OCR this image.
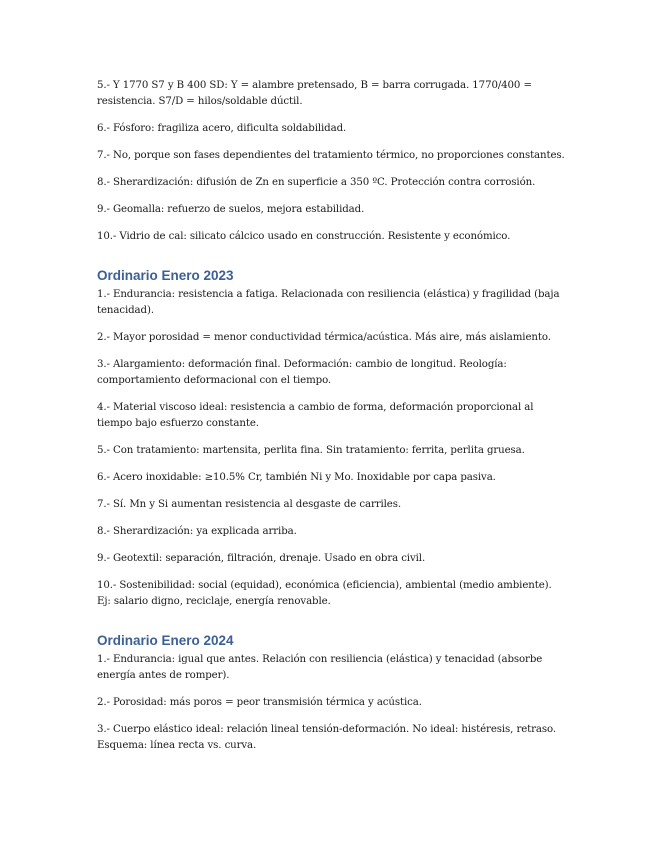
5.- Y 1770 S7 y B 400 SD: Y = alambre pretensado, B = barra corrugada. 1770/400 = resistencia. S7/D = hilos/soldable dúctil.

6.- Fósforo: fragiliza acero, dificulta soldabilidad.

7.- No, porque son fases dependientes del tratamiento térmico, no proporciones constantes.

8.- Sherardización: difusión de Zn en superficie a 350 ºC. Protección contra corrosión.

9.- Geomalla: refuerzo de suelos, mejora estabilidad.

10.- Vidrio de cal: silicato cálcico usado en construcción. Resistente y económico.

Ordinario Enero 2023

1.- Endurancia: resistencia a fatiga. Relacionada con resiliencia (elástica) y fragilidad (baja tenacidad).

2.- Mayor porosidad = menor conductividad térmica/acústica. Más aire, más aislamiento.

3.- Alargamiento: deformación final. Deformación: cambio de longitud. Reología: comportamiento deformacional con el tiempo.

4.- Material viscoso ideal: resistencia a cambio de forma, deformación proporcional al tiempo bajo esfuerzo constante.

5.- Con tratamiento: martensita, perlita fina. Sin tratamiento: ferrita, perlita gruesa.

6.- Acero inoxidable: ≥10.5% Cr, también Ni y Mo. Inoxidable por capa pasiva.

7.- Sí. Mn y Si aumentan resistencia al desgaste de carriles.

8.- Sherardización: ya explicada arriba.

9.- Geotextil: separación, filtración, drenaje. Usado en obra civil.

10.- Sostenibilidad: social (equidad), económica (eficiencia), ambiental (medio ambiente). Ej: salario digno, reciclaje, energía renovable.

Ordinario Enero 2024

1.- Endurancia: igual que antes. Relación con resiliencia (elástica) y tenacidad (absorbe energía antes de romper).

2.- Porosidad: más poros = peor transmisión térmica y acústica.

3.- Cuerpo elástico ideal: relación lineal tensión-deformación. No ideal: histéresis, retraso. Esquema: línea recta vs. curva.
